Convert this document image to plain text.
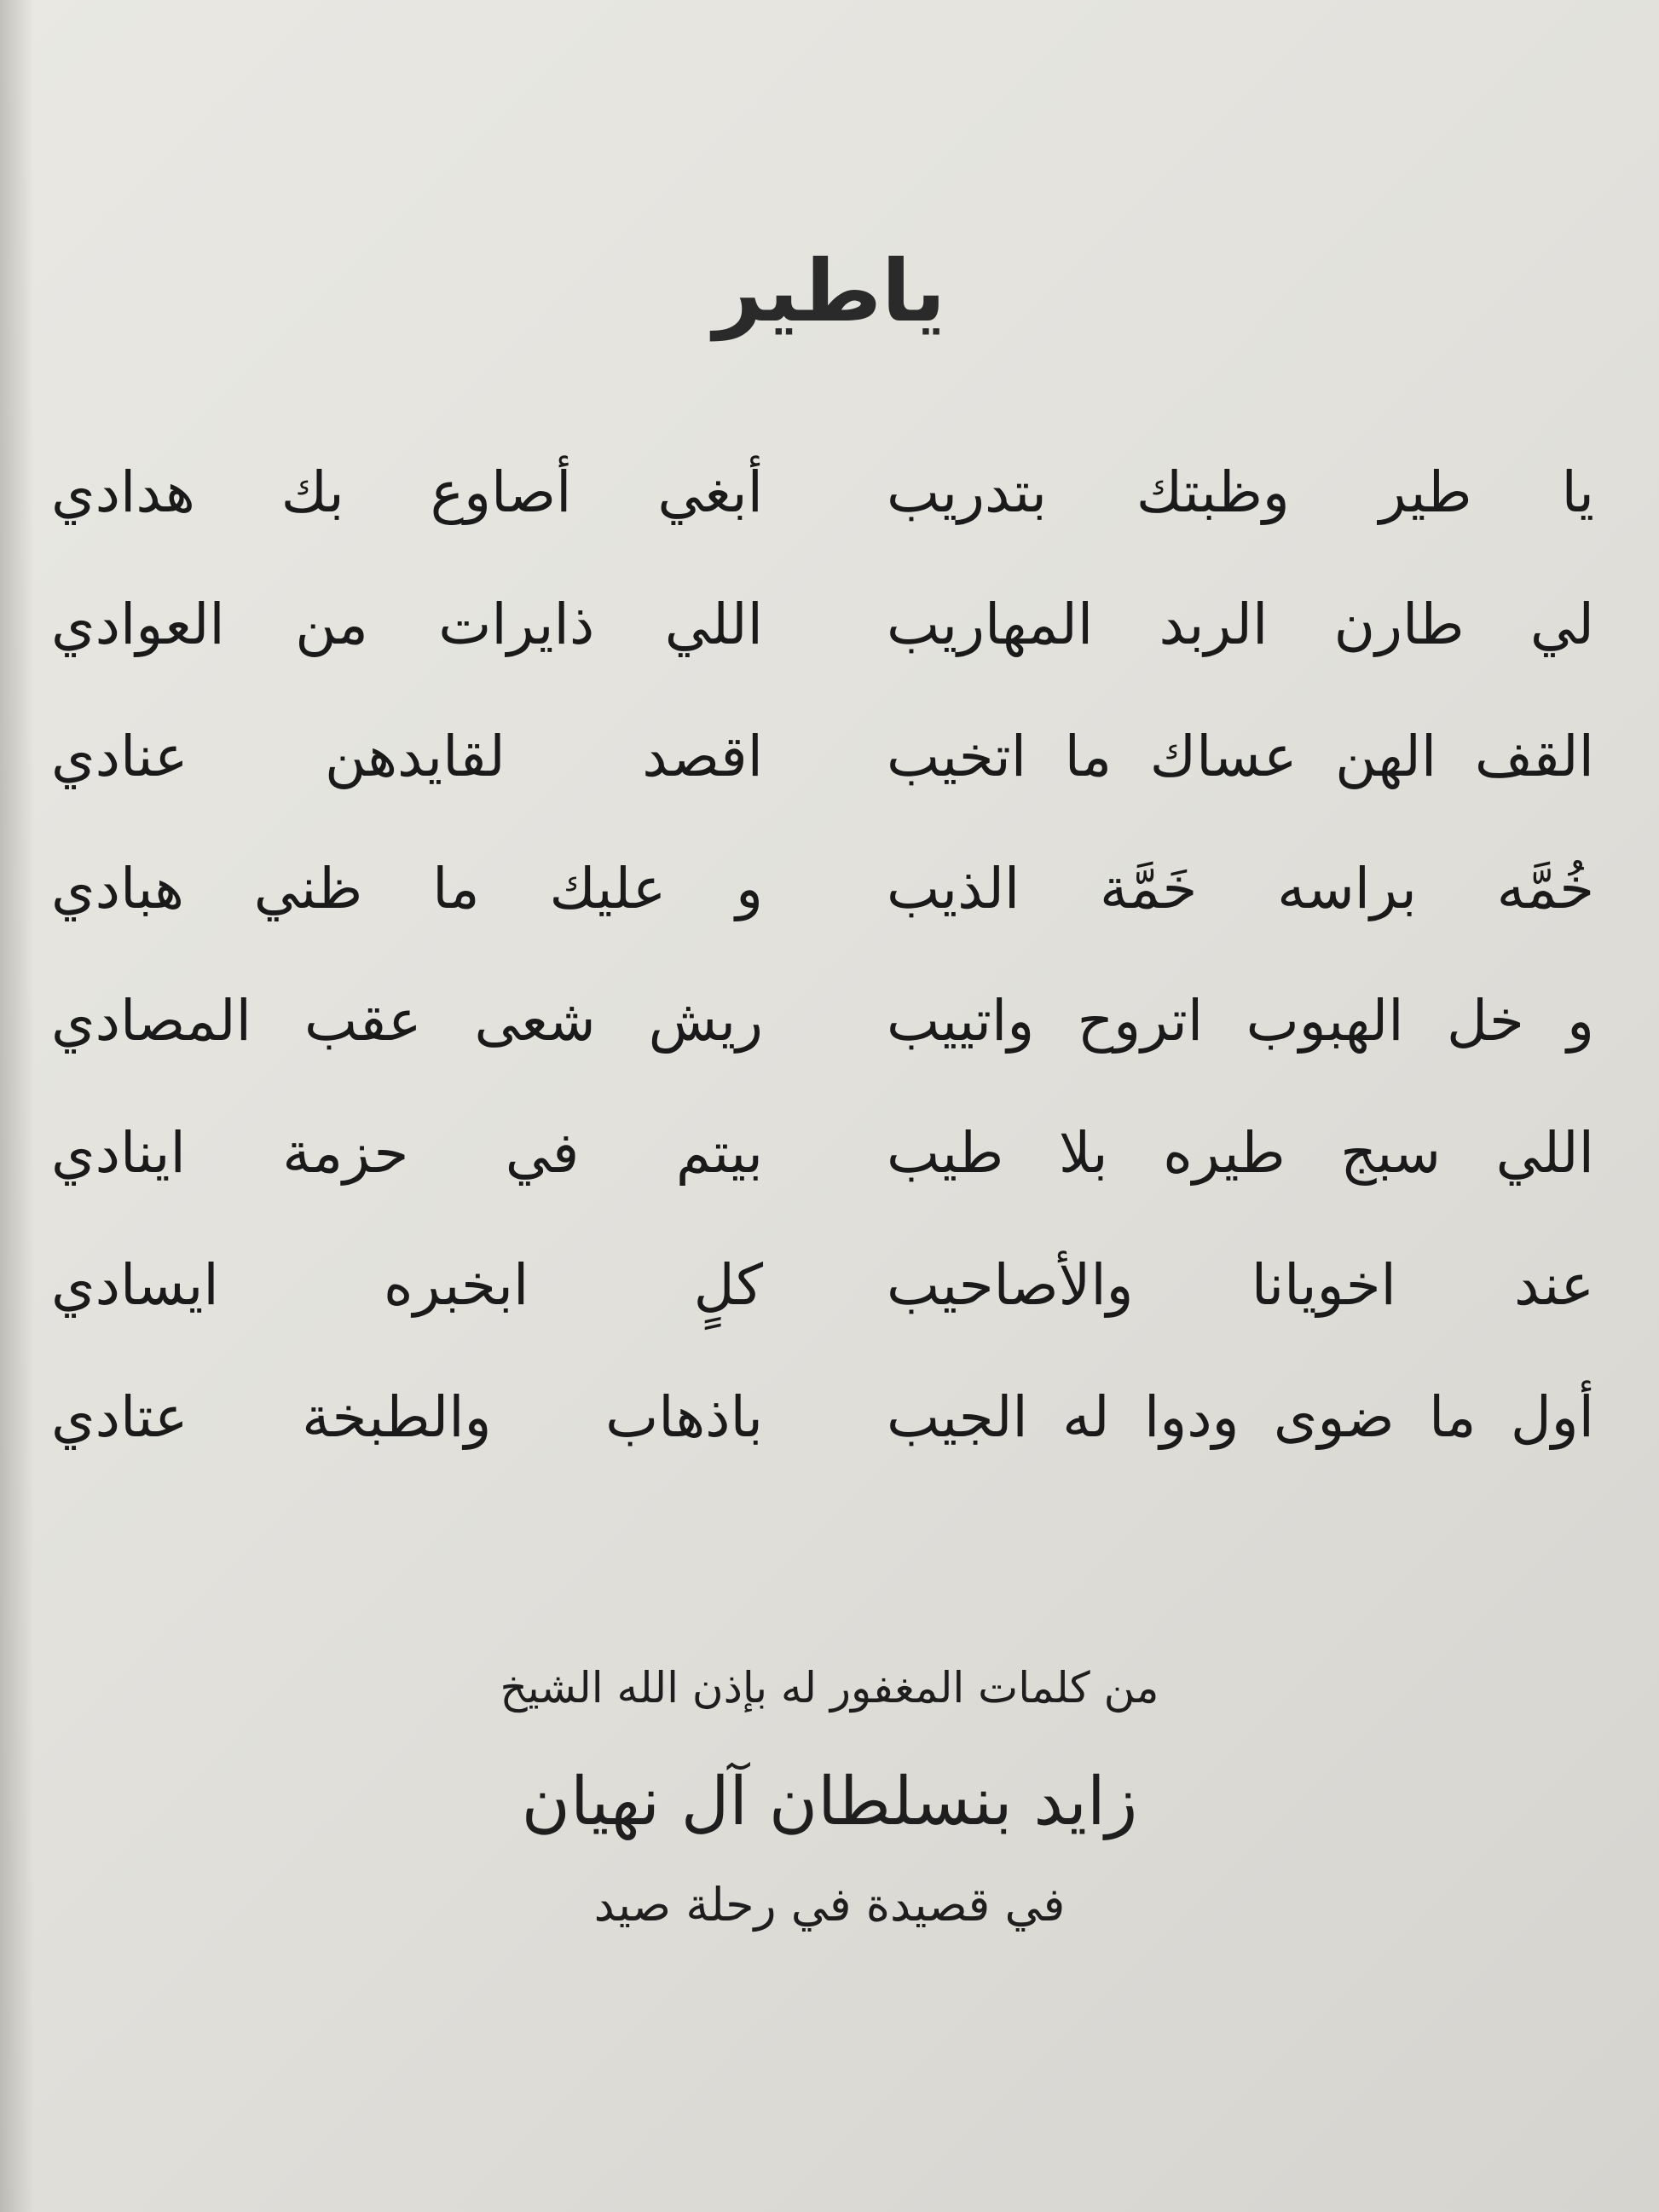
ياطير
يا طير وظبتك بتدريب
أبغي أصاوع بك هدادي
لي طارن الربد المهاريب
اللي ذايرات من العوادي
القف الهن عساك ما اتخيب
اقصد لقايدهن عنادي
خُمَّه براسه خَمَّة الذيب
و عليك ما ظني هبادي
و خل الهبوب اتروح واتييب
ريش شعى عقب المصادي
اللي سبج طيره بلا طيب
بيتم في حزمة اينادي
عند اخويانا والأصاحيب
كلٍ ابخبره ايسادي
أول ما ضوى ودوا له الجيب
باذهاب والطبخة عتادي
من كلمات المغفور له بإذن الله الشيخ
زايد بنسلطان آل نهيان
في قصيدة في رحلة صيد
